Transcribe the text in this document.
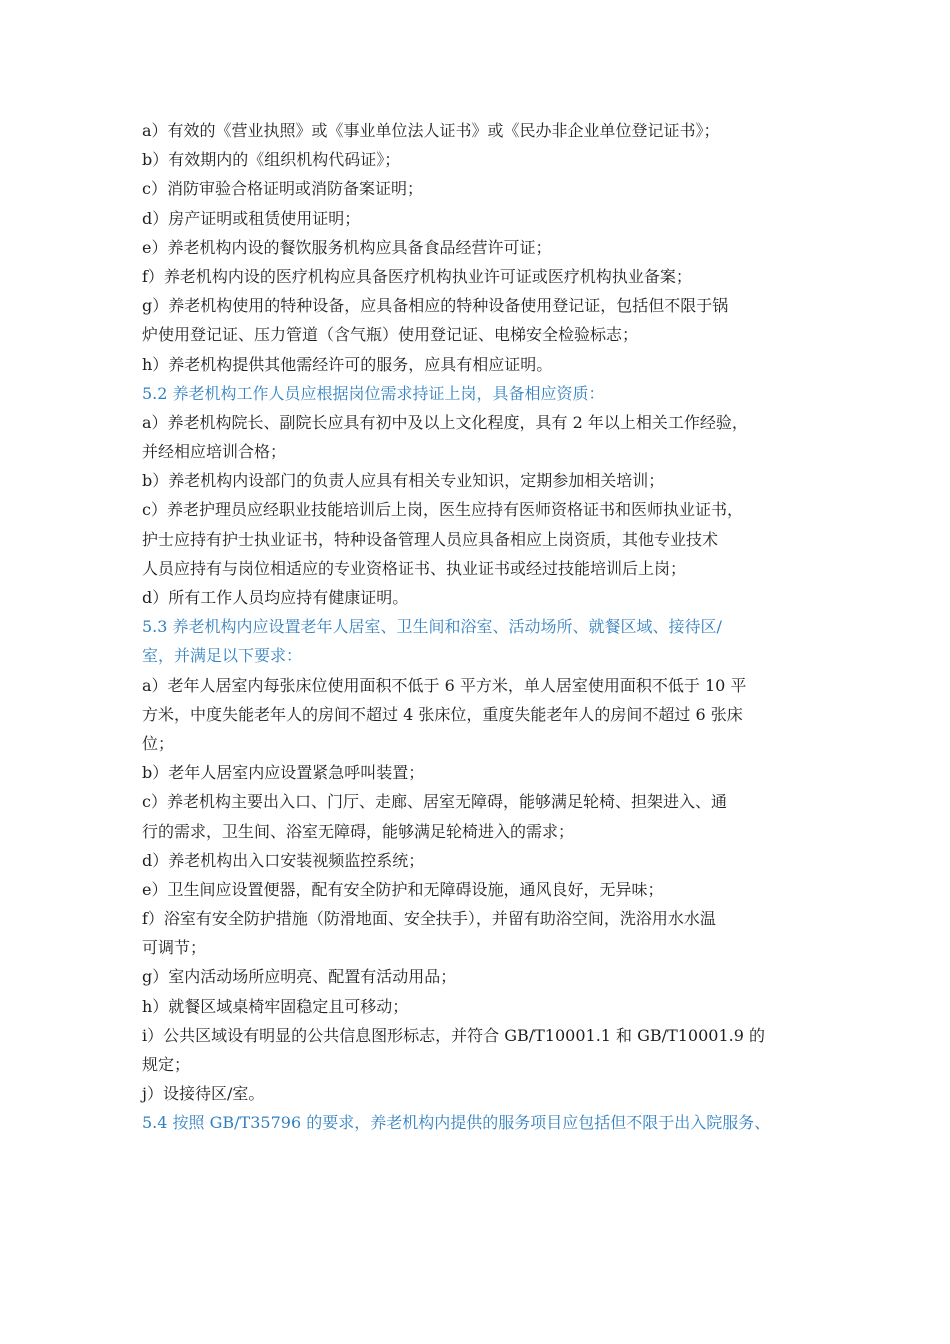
a）有效的《营业执照》或《事业单位法人证书》或《民办非企业单位登记证书》；
b）有效期内的《组织机构代码证》；
c）消防审验合格证明或消防备案证明；
d）房产证明或租赁使用证明；
e）养老机构内设的餐饮服务机构应具备食品经营许可证；
f）养老机构内设的医疗机构应具备医疗机构执业许可证或医疗机构执业备案；
g）养老机构使用的特种设备，应具备相应的特种设备使用登记证，包括但不限于锅
炉使用登记证、压力管道（含气瓶）使用登记证、电梯安全检验标志；
h）养老机构提供其他需经许可的服务，应具有相应证明。
5.2 养老机构工作人员应根据岗位需求持证上岗，具备相应资质：
a）养老机构院长、副院长应具有初中及以上文化程度，具有 2 年以上相关工作经验，
并经相应培训合格；
b）养老机构内设部门的负责人应具有相关专业知识，定期参加相关培训；
c）养老护理员应经职业技能培训后上岗，医生应持有医师资格证书和医师执业证书，
护士应持有护士执业证书，特种设备管理人员应具备相应上岗资质，其他专业技术
人员应持有与岗位相适应的专业资格证书、执业证书或经过技能培训后上岗；
d）所有工作人员均应持有健康证明。
5.3 养老机构内应设置老年人居室、卫生间和浴室、活动场所、就餐区域、接待区/
室，并满足以下要求：
a）老年人居室内每张床位使用面积不低于 6 平方米，单人居室使用面积不低于 10 平
方米，中度失能老年人的房间不超过 4 张床位，重度失能老年人的房间不超过 6 张床
位；
b）老年人居室内应设置紧急呼叫装置；
c）养老机构主要出入口、门厅、走廊、居室无障碍，能够满足轮椅、担架进入、通
行的需求，卫生间、浴室无障碍，能够满足轮椅进入的需求；
d）养老机构出入口安装视频监控系统；
e）卫生间应设置便器，配有安全防护和无障碍设施，通风良好，无异味；
f）浴室有安全防护措施（防滑地面、安全扶手），并留有助浴空间，洗浴用水水温
可调节；
g）室内活动场所应明亮、配置有活动用品；
h）就餐区域桌椅牢固稳定且可移动；
i）公共区域设有明显的公共信息图形标志，并符合 GB/T10001.1 和 GB/T10001.9 的
规定；
j）设接待区/室。
5.4 按照 GB/T35796 的要求，养老机构内提供的服务项目应包括但不限于出入院服务、
